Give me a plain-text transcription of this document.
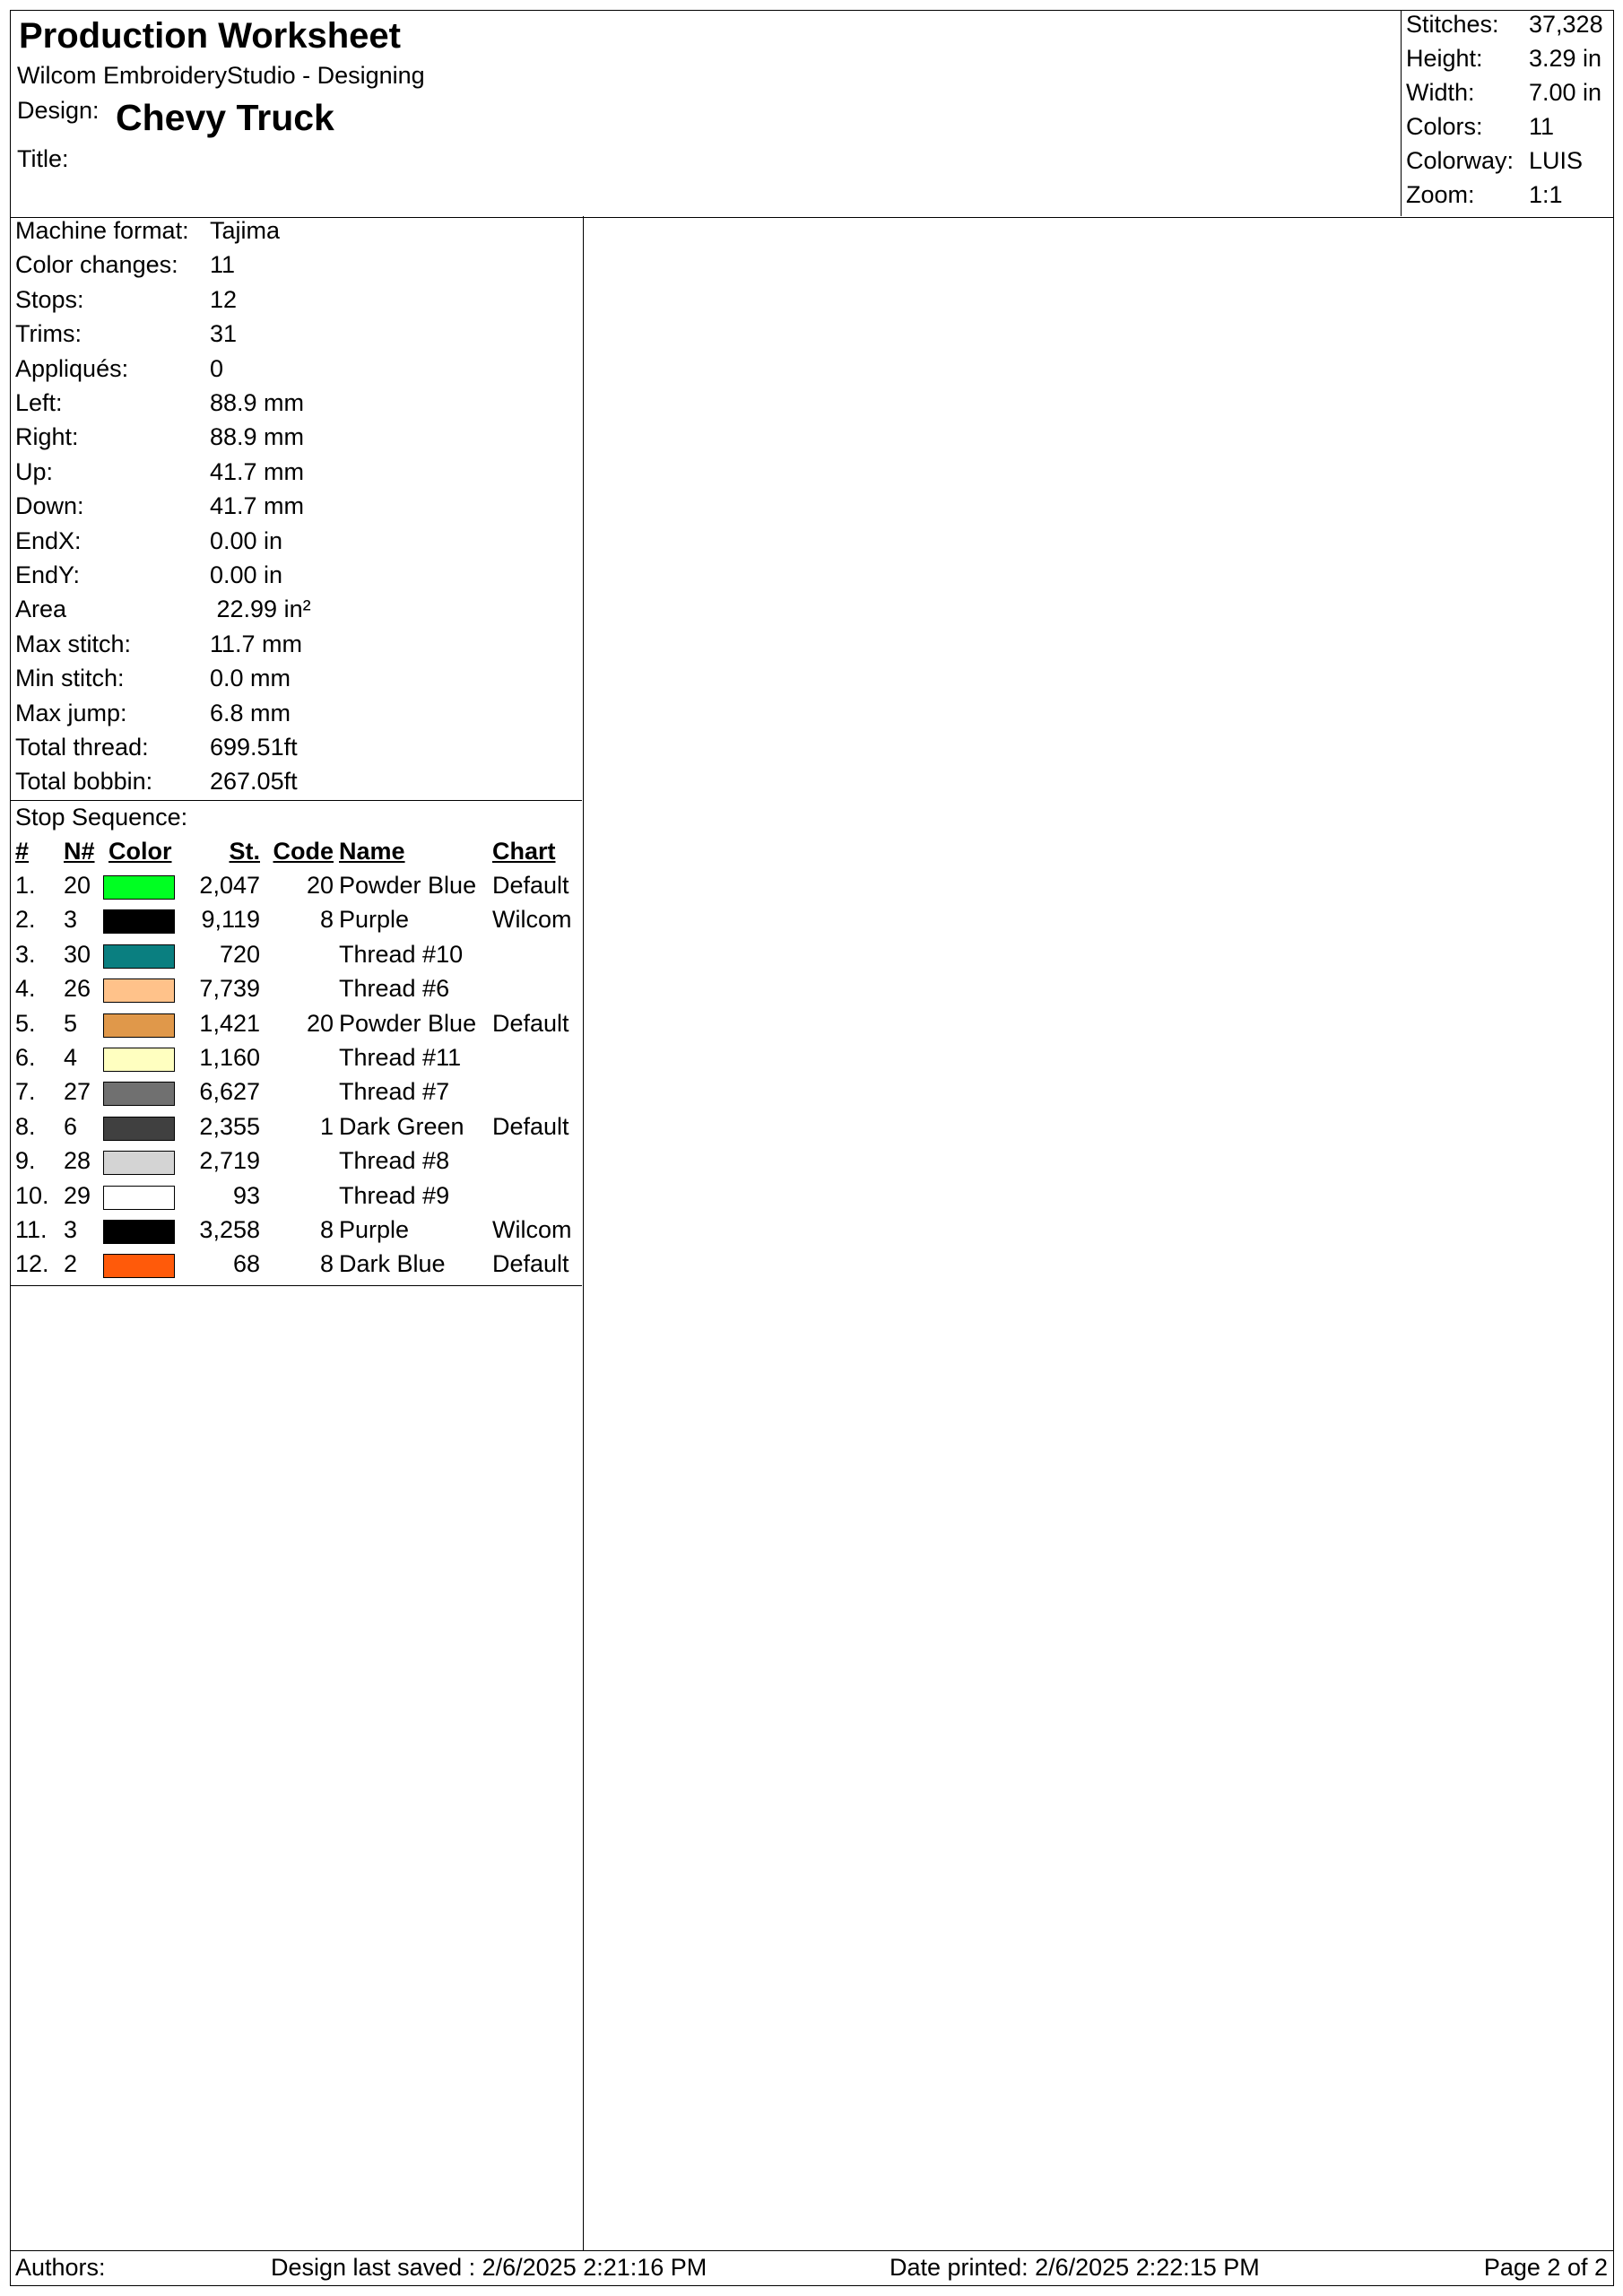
Production Worksheet
Wilcom EmbroideryStudio - Designing
Design: Chevy Truck
Title:
Stitches: 37,328
Height: 3.29 in
Width: 7.00 in
Colors: 11
Colorway: LUIS
Zoom: 1:1
Machine format: Tajima
Color changes: 11
Stops:	12
Trims:	31
Appliqués:	0
Left:	88.9 mm
Right:	88.9 mm
Up:	41.7 mm
Down:	41.7 mm
EndX:	0.00 in
EndY:	0.00 in
Area	22.99 in²
Max stitch:	11.7 mm
Min stitch:	0.0 mm
Max jump:	6.8 mm
Total thread:	699.51ft
Total bobbin: 267.05ft
Stop Sequence:
# N# Color	St. Code Name	Chart
1. 20	2,047	20 Powder Blue Default
2. 3	9,119	8 Purple	Wilcom
3. 30	720	Thread #10
4. 26	7,739	Thread #6
5. 5	1,421	20 Powder Blue Default
6. 4	1,160	Thread #11
7. 27	6,627	Thread #7
8. 6	2,355	1 Dark Green Default
9. 28	2,719	Thread #8
10. 29	93	Thread #9
11. 3	3,258	8 Purple	Wilcom
12. 2	68	8 Dark Blue Default
Authors:	Design last saved : 2/6/2025 2:21:16 PM	Date printed: 2/6/2025 2:22:15 PM	Page 2 of 2
